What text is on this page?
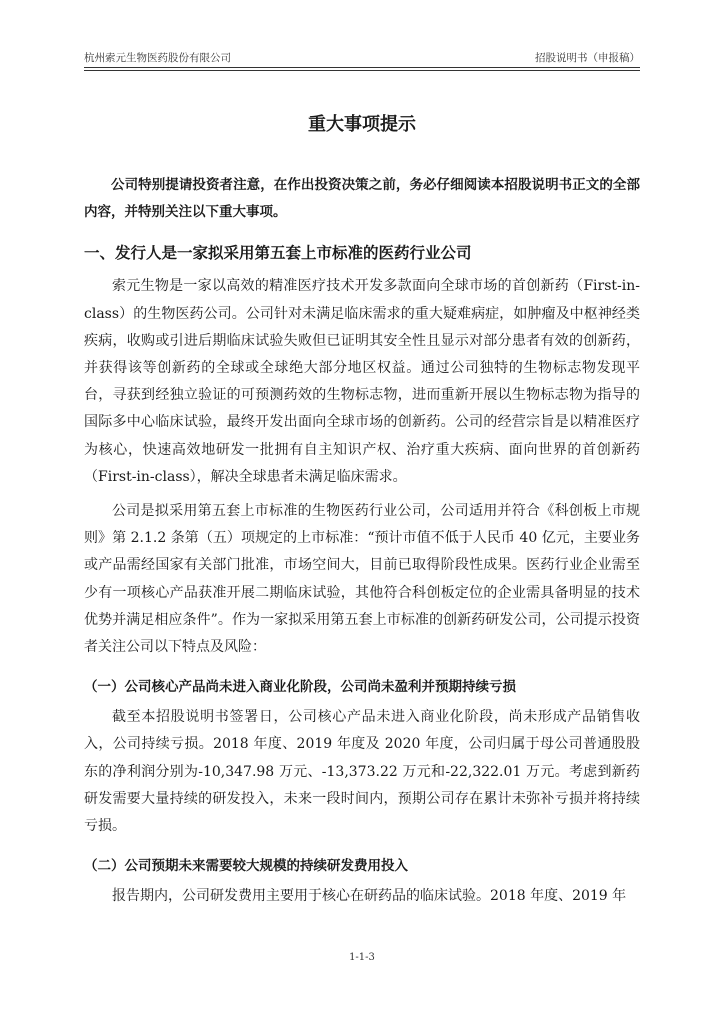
杭州索元生物医药股份有限公司	招股说明书（申报稿）
重大事项提示

公司特别提请投资者注意，在作出投资决策之前，务必仔细阅读本招股说明书正文的全部内容，并特别关注以下重大事项。

一、发行人是一家拟采用第五套上市标准的医药行业公司

索元生物是一家以高效的精准医疗技术开发多款面向全球市场的首创新药（First-in-class）的生物医药公司。公司针对未满足临床需求的重大疑难病症，如肿瘤及中枢神经类疾病，收购或引进后期临床试验失败但已证明其安全性且显示对部分患者有效的创新药，并获得该等创新药的全球或全球绝大部分地区权益。通过公司独特的生物标志物发现平台，寻获到经独立验证的可预测药效的生物标志物，进而重新开展以生物标志物为指导的国际多中心临床试验，最终开发出面向全球市场的创新药。公司的经营宗旨是以精准医疗为核心，快速高效地研发一批拥有自主知识产权、治疗重大疾病、面向世界的首创新药（First-in-class），解决全球患者未满足临床需求。

公司是拟采用第五套上市标准的生物医药行业公司，公司适用并符合《科创板上市规则》第 2.1.2 条第（五）项规定的上市标准：“预计市值不低于人民币 40 亿元，主要业务或产品需经国家有关部门批准，市场空间大，目前已取得阶段性成果。医药行业企业需至少有一项核心产品获准开展二期临床试验，其他符合科创板定位的企业需具备明显的技术优势并满足相应条件”。作为一家拟采用第五套上市标准的创新药研发公司，公司提示投资者关注公司以下特点及风险：

（一）公司核心产品尚未进入商业化阶段，公司尚未盈利并预期持续亏损

截至本招股说明书签署日，公司核心产品未进入商业化阶段，尚未形成产品销售收入，公司持续亏损。2018 年度、2019 年度及 2020 年度，公司归属于母公司普通股股东的净利润分别为-10,347.98 万元、-13,373.22 万元和-22,322.01 万元。考虑到新药研发需要大量持续的研发投入，未来一段时间内，预期公司存在累计未弥补亏损并将持续亏损。

（二）公司预期未来需要较大规模的持续研发费用投入

报告期内，公司研发费用主要用于核心在研药品的临床试验。2018 年度、2019 年

1-1-3
